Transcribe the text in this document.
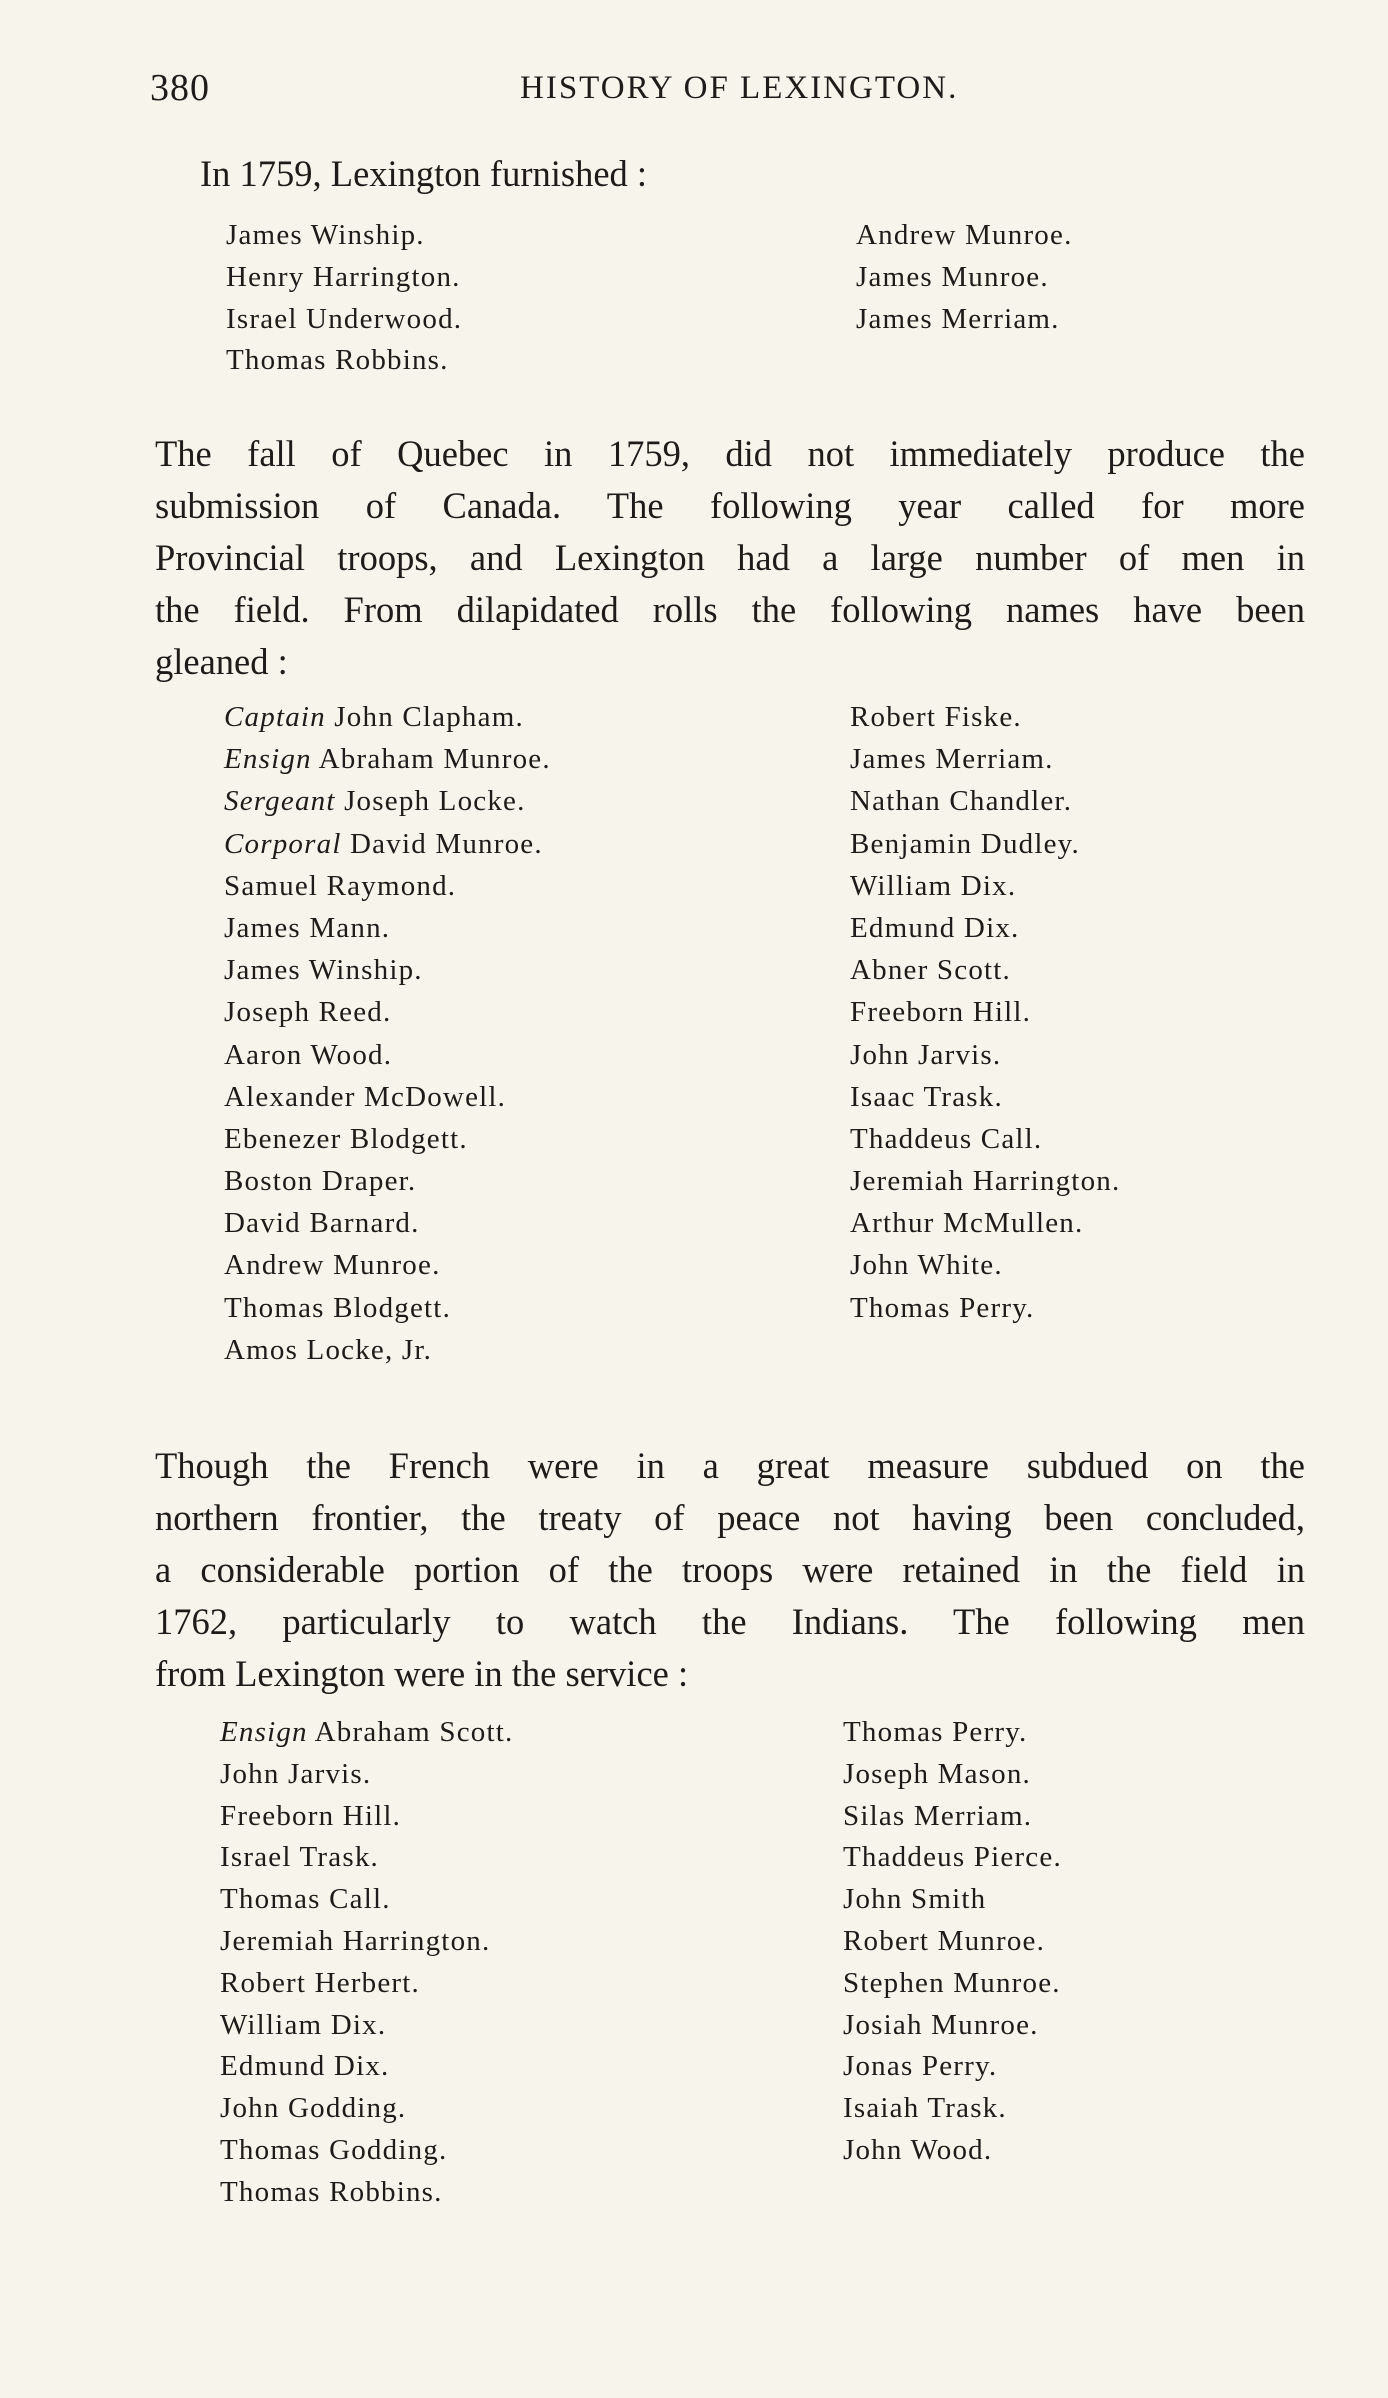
380	HISTORY OF LEXINGTON.

In 1759, Lexington furnished :

James Winship.
Henry Harrington.
Israel Underwood.
Thomas Robbins.
Andrew Munroe.
James Munroe.
James Merriam.
The fall of Quebec in 1759, did not immediately produce the
submission of Canada. The following year called for more
Provincial troops, and Lexington had a large number of men in
the field. From dilapidated rolls the following names have been
gleaned :
Captain John Clapham.
Ensign Abraham Munroe.
Sergeant Joseph Locke.
Corporal David Munroe.
Samuel Raymond.
James Mann.
James Winship.
Joseph Reed.
Aaron Wood.
Alexander McDowell.
Ebenezer Blodgett.
Boston Draper.
David Barnard.
Andrew Munroe.
Thomas Blodgett.
Amos Locke, Jr.
Robert Fiske.
James Merriam.
Nathan Chandler.
Benjamin Dudley.
William Dix.
Edmund Dix.
Abner Scott.
Freeborn Hill.
John Jarvis.
Isaac Trask.
Thaddeus Call.
Jeremiah Harrington.
Arthur McMullen.
John White.
Thomas Perry.
Though the French were in a great measure subdued on the
northern frontier, the treaty of peace not having been concluded,
a considerable portion of the troops were retained in the field in
1762, particularly to watch the Indians. The following men
from Lexington were in the service :
Ensign Abraham Scott.
John Jarvis.
Freeborn Hill.
Israel Trask.
Thomas Call.
Jeremiah Harrington.
Robert Herbert.
William Dix.
Edmund Dix.
John Godding.
Thomas Godding.
Thomas Robbins.
Thomas Perry.
Joseph Mason.
Silas Merriam.
Thaddeus Pierce.
John Smith
Robert Munroe.
Stephen Munroe.
Josiah Munroe.
Jonas Perry.
Isaiah Trask.
John Wood.
